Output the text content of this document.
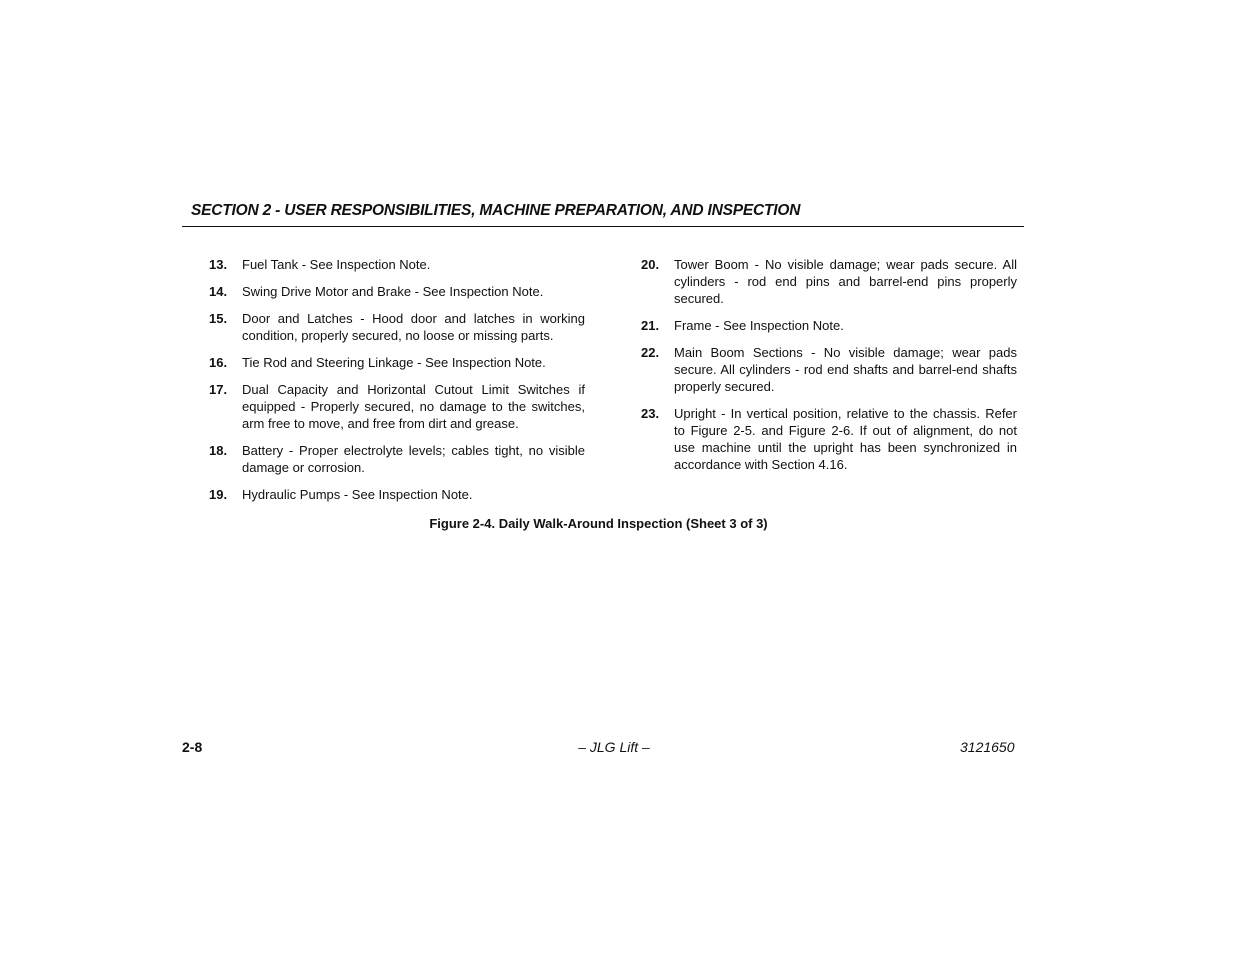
SECTION 2 - USER RESPONSIBILITIES, MACHINE PREPARATION, AND INSPECTION
13.	Fuel Tank - See Inspection Note.
14.	Swing Drive Motor and Brake - See Inspection Note.
15.	Door and Latches - Hood door and latches in working condition, properly secured, no loose or missing parts.
16.	Tie Rod and Steering Linkage - See Inspection Note.
17.	Dual Capacity and Horizontal Cutout Limit Switches if equipped - Properly secured, no damage to the switches, arm free to move, and free from dirt and grease.
18.	Battery - Proper electrolyte levels; cables tight, no visible damage or corrosion.
19.	Hydraulic Pumps - See Inspection Note.
20.	Tower Boom - No visible damage; wear pads secure. All cylinders - rod end pins and barrel-end pins properly secured.
21.	Frame - See Inspection Note.
22.	Main Boom Sections - No visible damage; wear pads secure. All cylinders - rod end shafts and barrel-end shafts properly secured.
23.	Upright - In vertical position, relative to the chassis. Refer to Figure 2-5. and Figure 2-6. If out of alignment, do not use machine until the upright has been synchronized in accordance with Section 4.16.
Figure 2-4. Daily Walk-Around Inspection (Sheet 3 of 3)
2-8	– JLG Lift –	3121650
